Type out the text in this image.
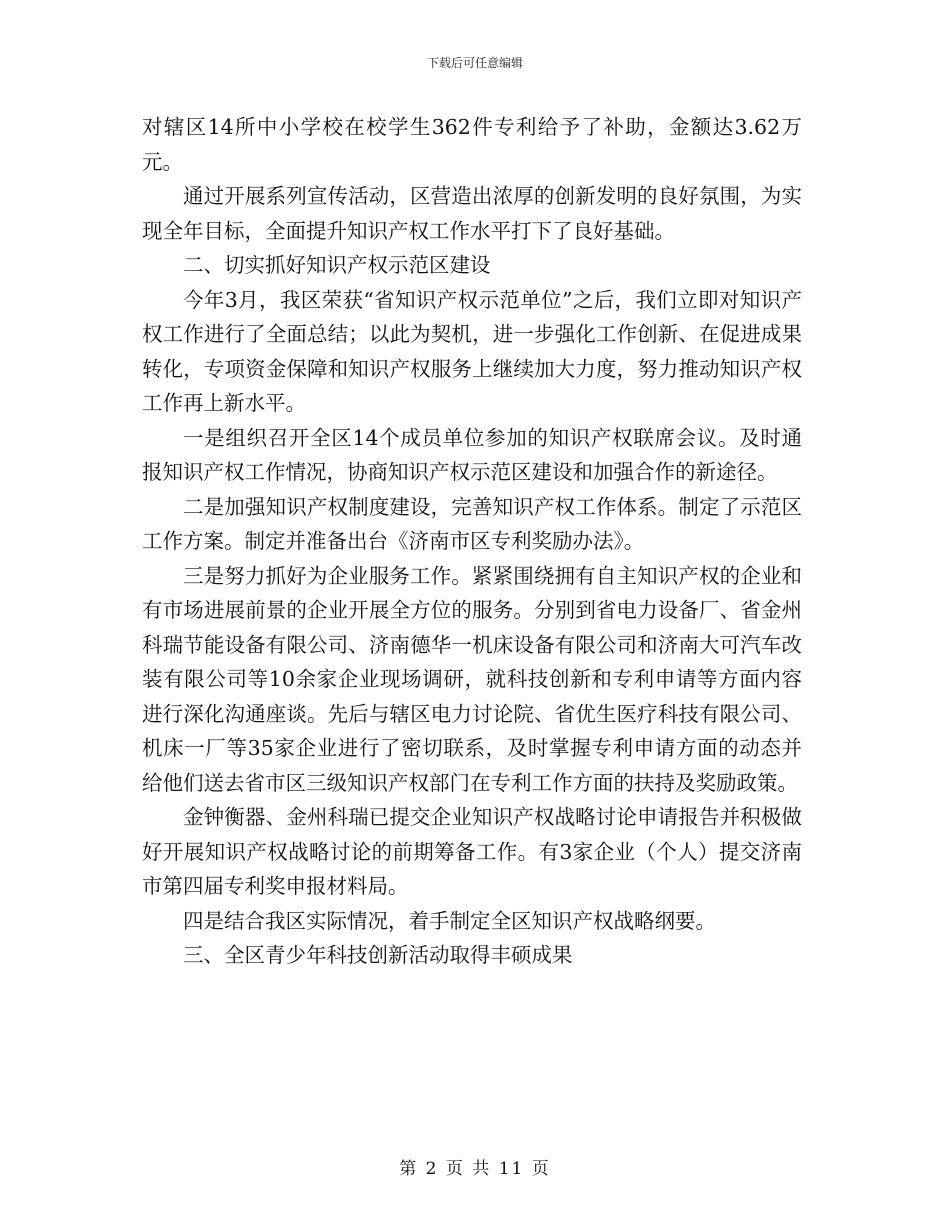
下载后可任意编辑

对辖区14所中小学校在校学生362件专利给予了补助，金额达3.62万元。

通过开展系列宣传活动，区营造出浓厚的创新发明的良好氛围，为实现全年目标，全面提升知识产权工作水平打下了良好基础。

二、切实抓好知识产权示范区建设

今年3月，我区荣获“省知识产权示范单位”之后，我们立即对知识产权工作进行了全面总结；以此为契机，进一步强化工作创新、在促进成果转化，专项资金保障和知识产权服务上继续加大力度，努力推动知识产权工作再上新水平。

一是组织召开全区14个成员单位参加的知识产权联席会议。及时通报知识产权工作情况，协商知识产权示范区建设和加强合作的新途径。

二是加强知识产权制度建设，完善知识产权工作体系。制定了示范区工作方案。制定并准备出台《济南市区专利奖励办法》。

三是努力抓好为企业服务工作。紧紧围绕拥有自主知识产权的企业和有市场进展前景的企业开展全方位的服务。分别到省电力设备厂、省金州科瑞节能设备有限公司、济南德华一机床设备有限公司和济南大可汽车改装有限公司等10余家企业现场调研，就科技创新和专利申请等方面内容进行深化沟通座谈。先后与辖区电力讨论院、省优生医疗科技有限公司、机床一厂等35家企业进行了密切联系，及时掌握专利申请方面的动态并给他们送去省市区三级知识产权部门在专利工作方面的扶持及奖励政策。

金钟衡器、金州科瑞已提交企业知识产权战略讨论申请报告并积极做好开展知识产权战略讨论的前期筹备工作。有3家企业（个人）提交济南市第四届专利奖申报材料局。

四是结合我区实际情况，着手制定全区知识产权战略纲要。

三、全区青少年科技创新活动取得丰硕成果

第 2 页 共 11 页
